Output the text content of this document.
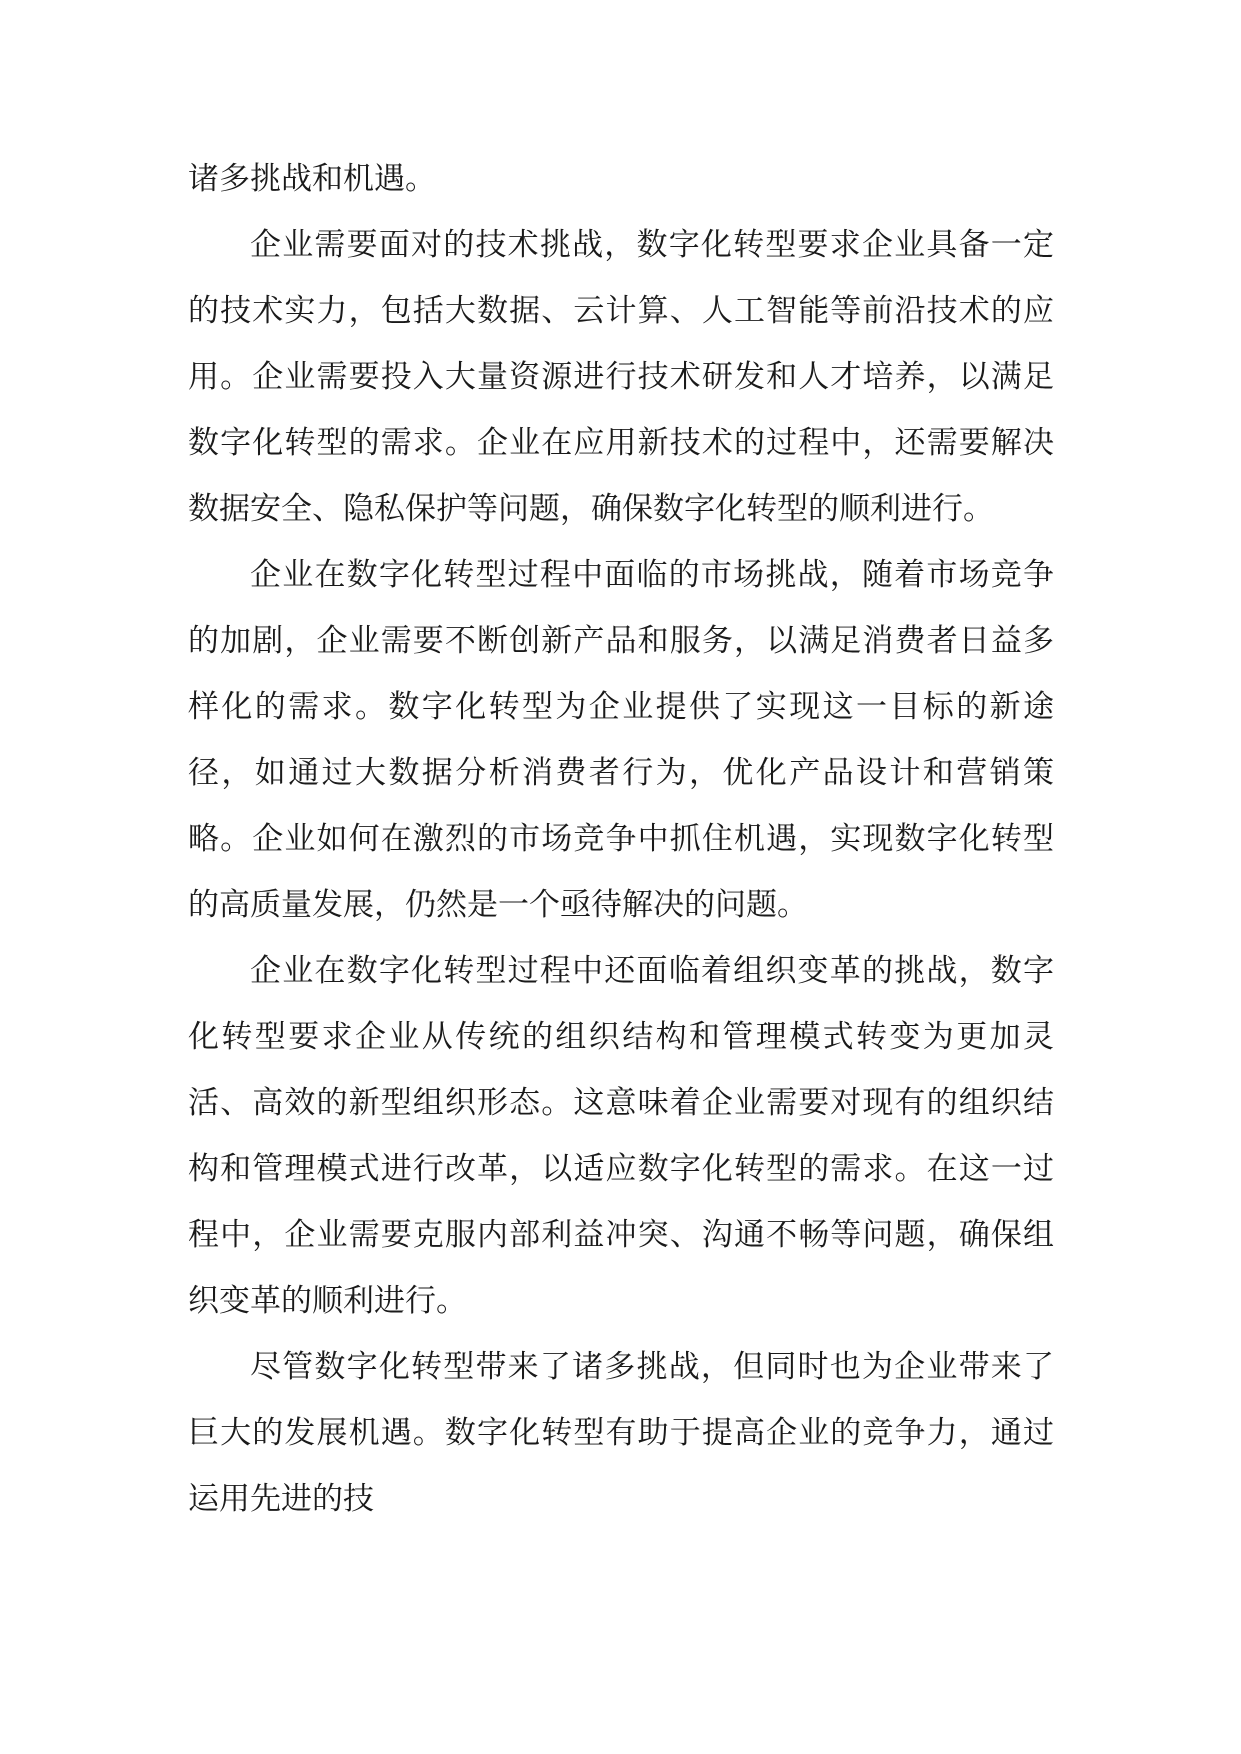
诸多挑战和机遇。

企业需要面对的技术挑战，数字化转型要求企业具备一定的技术实力，包括大数据、云计算、人工智能等前沿技术的应用。企业需要投入大量资源进行技术研发和人才培养，以满足数字化转型的需求。企业在应用新技术的过程中，还需要解决数据安全、隐私保护等问题，确保数字化转型的顺利进行。

企业在数字化转型过程中面临的市场挑战，随着市场竞争的加剧，企业需要不断创新产品和服务，以满足消费者日益多样化的需求。数字化转型为企业提供了实现这一目标的新途径，如通过大数据分析消费者行为，优化产品设计和营销策略。企业如何在激烈的市场竞争中抓住机遇，实现数字化转型的高质量发展，仍然是一个亟待解决的问题。

企业在数字化转型过程中还面临着组织变革的挑战，数字化转型要求企业从传统的组织结构和管理模式转变为更加灵活、高效的新型组织形态。这意味着企业需要对现有的组织结构和管理模式进行改革，以适应数字化转型的需求。在这一过程中，企业需要克服内部利益冲突、沟通不畅等问题，确保组织变革的顺利进行。

尽管数字化转型带来了诸多挑战，但同时也为企业带来了巨大的发展机遇。数字化转型有助于提高企业的竞争力，通过运用先进的技
